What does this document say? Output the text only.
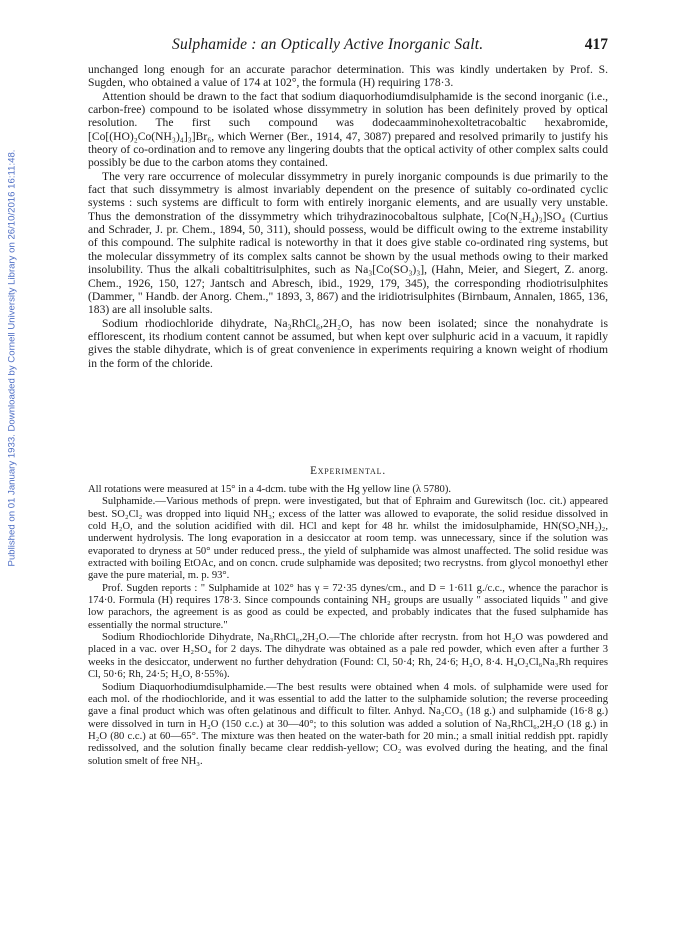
Sulphamide : an Optically Active Inorganic Salt.	417
Published on 01 January 1933. Downloaded by Cornell University Library on 26/10/2016 16:11:48.

unchanged long enough for an accurate parachor determination. This was kindly undertaken by Prof. S. Sugden, who obtained a value of 174 at 102°, the formula (H) requiring 178·3.

Attention should be drawn to the fact that sodium diaquorhodiumdisulphamide is the second inorganic (i.e., carbon-free) compound to be isolated whose dissymmetry in solution has been definitely proved by optical resolution. The first such compound was dodecaamminohexoltetracobaltic hexabromide, [Co[(HO)₂Co(NH₃)₄]₃]Br₆, which Werner (Ber., 1914, 47, 3087) prepared and resolved primarily to justify his theory of co-ordination and to remove any lingering doubts that the optical activity of other complex salts could possibly be due to the carbon atoms they contained.

The very rare occurrence of molecular dissymmetry in purely inorganic compounds is due primarily to the fact that such dissymmetry is almost invariably dependent on the presence of suitably co-ordinated cyclic systems : such systems are difficult to form with entirely inorganic elements, and are usually very unstable. Thus the demonstration of the dissymmetry which trihydrazinocobaltous sulphate, [Co(N₂H₄)₃]SO₄ (Curtius and Schrader, J. pr. Chem., 1894, 50, 311), should possess, would be difficult owing to the extreme instability of this compound. The sulphite radical is noteworthy in that it does give stable co-ordinated ring systems, but the molecular dissymmetry of its complex salts cannot be shown by the usual methods owing to their marked insolubility. Thus the alkali cobaltitrisulphites, such as Na₃[Co(SO₃)₃], (Hahn, Meier, and Siegert, Z. anorg. Chem., 1926, 150, 127; Jantsch and Abresch, ibid., 1929, 179, 345), the corresponding rhodiotrisulphites (Dammer, " Handb. der Anorg. Chem.," 1893, 3, 867) and the iridiotrisulphites (Birnbaum, Annalen, 1865, 136, 183) are all insoluble salts.

Sodium rhodiochloride dihydrate, Na₃RhCl₆,2H₂O, has now been isolated; since the nonahydrate is efflorescent, its rhodium content cannot be assumed, but when kept over sulphuric acid in a vacuum, it rapidly gives the stable dihydrate, which is of great convenience in experiments requiring a known weight of rhodium in the form of the chloride.

Experimental.

All rotations were measured at 15° in a 4-dcm. tube with the Hg yellow line (λ 5780).

Sulphamide.—Various methods of prepn. were investigated, but that of Ephraim and Gurewitsch (loc. cit.) appeared best. SO₂Cl₂ was dropped into liquid NH₃; excess of the latter was allowed to evaporate, the solid residue dissolved in cold H₂O, and the solution acidified with dil. HCl and kept for 48 hr. whilst the imidosulphamide, HN(SO₂NH₂)₂, underwent hydrolysis. The long evaporation in a desiccator at room temp. was unnecessary, since if the solution was evaporated to dryness at 50° under reduced press., the yield of sulphamide was almost unaffected. The solid residue was extracted with boiling EtOAc, and on concn. crude sulphamide was deposited; two recrystns. from glycol monoethyl ether gave the pure material, m. p. 93°.

Prof. Sugden reports : " Sulphamide at 102° has γ = 72·35 dynes/cm., and D = 1·611 g./c.c., whence the parachor is 174·0. Formula (H) requires 178·3. Since compounds containing NH₂ groups are usually " associated liquids " and give low parachors, the agreement is as good as could be expected, and probably indicates that the fused sulphamide has essentially the normal structure."

Sodium Rhodiochloride Dihydrate, Na₃RhCl₆,2H₂O.—The chloride after recrystn. from hot H₂O was powdered and placed in a vac. over H₂SO₄ for 2 days. The dihydrate was obtained as a pale red powder, which even after a further 3 weeks in the desiccator, underwent no further dehydration (Found: Cl, 50·4; Rh, 24·6; H₂O, 8·4. H₄O₂Cl₆Na₃Rh requires Cl, 50·6; Rh, 24·5; H₂O, 8·55%).

Sodium Diaquorhodiumdisulphamide.—The best results were obtained when 4 mols. of sulphamide were used for each mol. of the rhodiochloride, and it was essential to add the latter to the sulphamide solution; the reverse proceeding gave a final product which was often gelatinous and difficult to filter. Anhyd. Na₂CO₃ (18 g.) and sulphamide (16·8 g.) were dissolved in turn in H₂O (150 c.c.) at 30—40°; to this solution was added a solution of Na₃RhCl₆,2H₂O (18 g.) in H₂O (80 c.c.) at 60—65°. The mixture was then heated on the water-bath for 20 min.; a small initial reddish ppt. rapidly redissolved, and the solution finally became clear reddish-yellow; CO₂ was evolved during the heating, and the final solution smelt of free NH₃.
